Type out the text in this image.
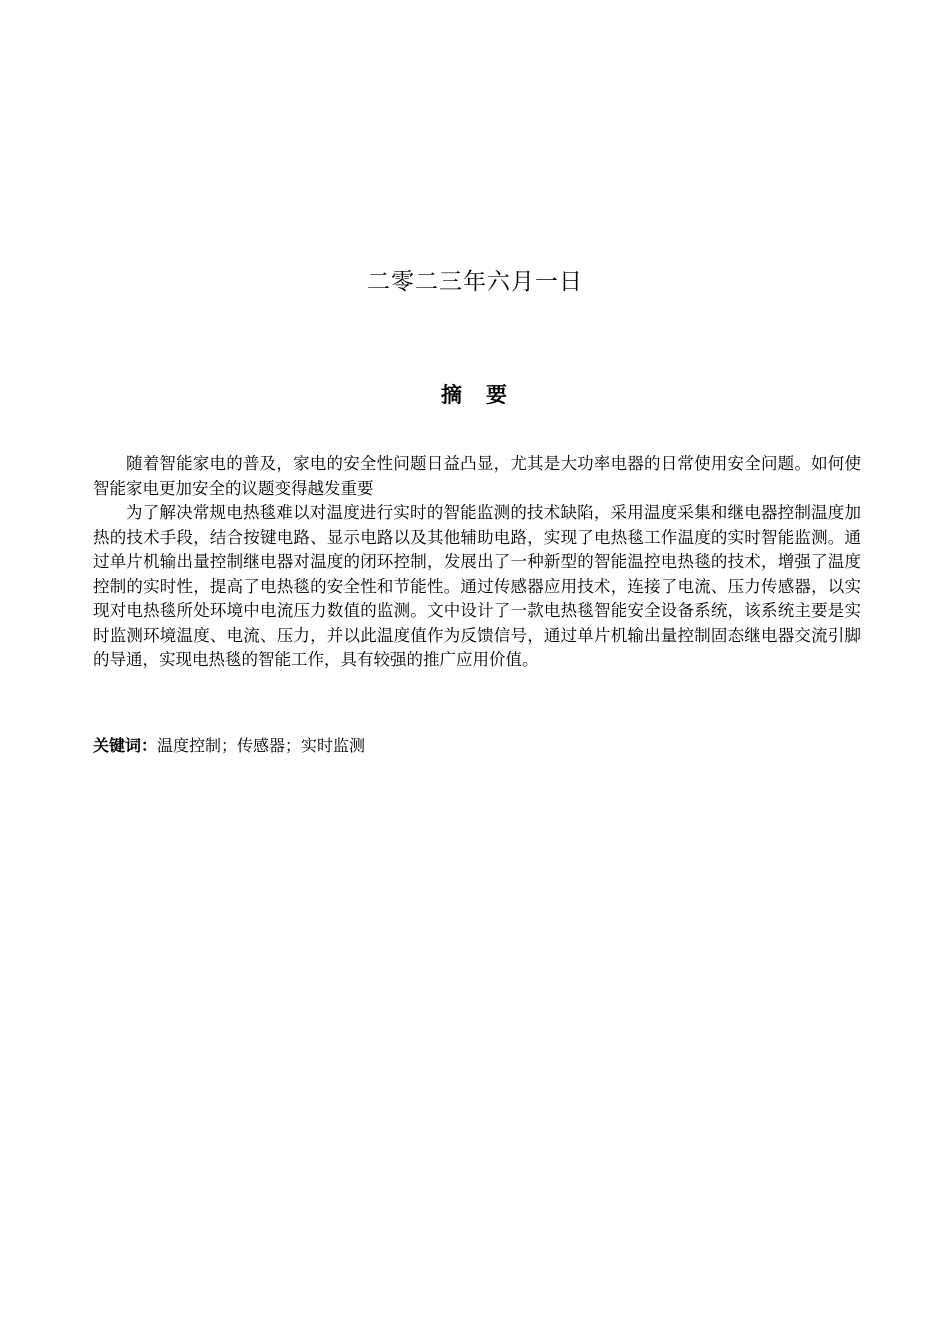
二零二三年六月一日
摘 要

随着智能家电的普及，家电的安全性问题日益凸显，尤其是大功率电器的日常使用安全问题。如何使智能家电更加安全的议题变得越发重要

为了解决常规电热毯难以对温度进行实时的智能监测的技术缺陷，采用温度采集和继电器控制温度加热的技术手段，结合按键电路、显示电路以及其他辅助电路，实现了电热毯工作温度的实时智能监测。通过单片机输出量控制继电器对温度的闭环控制，发展出了一种新型的智能温控电热毯的技术，增强了温度控制的实时性，提高了电热毯的安全性和节能性。通过传感器应用技术，连接了电流、压力传感器，以实现对电热毯所处环境中电流压力数值的监测。文中设计了一款电热毯智能安全设备系统，该系统主要是实时监测环境温度、电流、压力，并以此温度值作为反馈信号，通过单片机输出量控制固态继电器交流引脚的导通，实现电热毯的智能工作，具有较强的推广应用价值。

关键词：温度控制；传感器；实时监测
